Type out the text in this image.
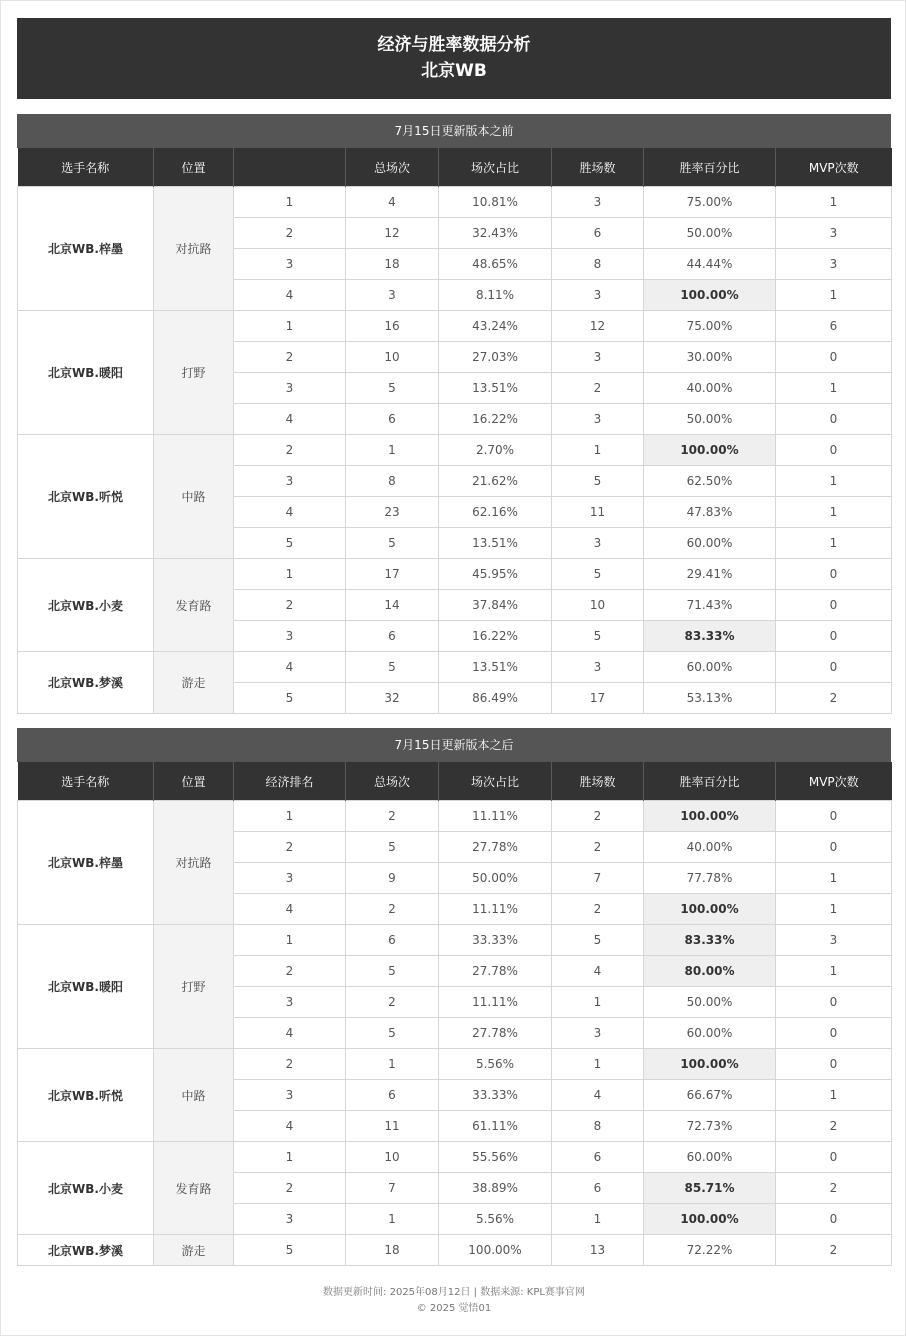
经济与胜率数据分析
北京WB
7月15日更新版本之前
选手名称	位置		总场次	场次占比	胜场数	胜率百分比	MVP次数
北京WB.梓墨	对抗路	1	4	10.81%	3	75.00%	1
		2	12	32.43%	6	50.00%	3
		3	18	48.65%	8	44.44%	3
		4	3	8.11%	3	100.00%	1
北京WB.暖阳	打野	1	16	43.24%	12	75.00%	6
		2	10	27.03%	3	30.00%	0
		3	5	13.51%	2	40.00%	1
		4	6	16.22%	3	50.00%	0
北京WB.听悦	中路	2	1	2.70%	1	100.00%	0
		3	8	21.62%	5	62.50%	1
		4	23	62.16%	11	47.83%	1
		5	5	13.51%	3	60.00%	1
北京WB.小麦	发育路	1	17	45.95%	5	29.41%	0
		2	14	37.84%	10	71.43%	0
		3	6	16.22%	5	83.33%	0
北京WB.梦溪	游走	4	5	13.51%	3	60.00%	0
		5	32	86.49%	17	53.13%	2
7月15日更新版本之后
选手名称	位置	经济排名	总场次	场次占比	胜场数	胜率百分比	MVP次数
北京WB.梓墨	对抗路	1	2	11.11%	2	100.00%	0
		2	5	27.78%	2	40.00%	0
		3	9	50.00%	7	77.78%	1
		4	2	11.11%	2	100.00%	1
北京WB.暖阳	打野	1	6	33.33%	5	83.33%	3
		2	5	27.78%	4	80.00%	1
		3	2	11.11%	1	50.00%	0
		4	5	27.78%	3	60.00%	0
北京WB.听悦	中路	2	1	5.56%	1	100.00%	0
		3	6	33.33%	4	66.67%	1
		4	11	61.11%	8	72.73%	2
北京WB.小麦	发育路	1	10	55.56%	6	60.00%	0
		2	7	38.89%	6	85.71%	2
		3	1	5.56%	1	100.00%	0
北京WB.梦溪	游走	5	18	100.00%	13	72.22%	2
数据更新时间: 2025年08月12日 | 数据来源: KPL赛事官网
© 2025 觉悟01
